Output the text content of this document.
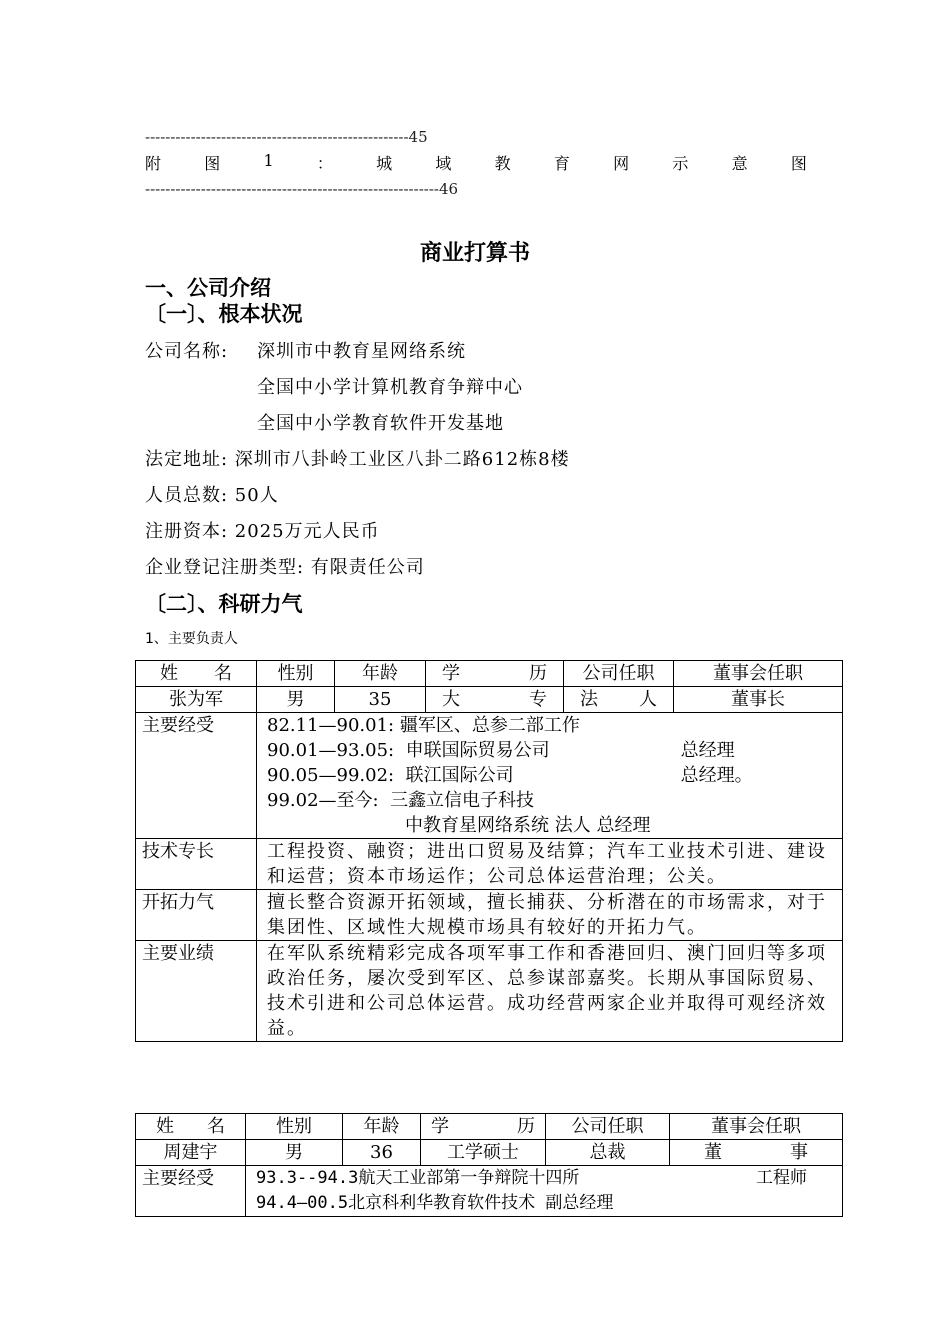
----------------------------------------------------45
附	图	1	：	城	域	教	育	网	示	意	图
----------------------------------------------------------46
商业打算书
一、公司介绍
〔一〕、根本状况
公司名称: 深圳市中教育星网络系统
全国中小学计算机教育争辩中心
全国中小学教育软件开发基地
法定地址: 深圳市八卦岭工业区八卦二路612栋8楼
人员总数: 50人
注册资本: 2025万元人民币
企业登记注册类型: 有限责任公司
〔二〕、科研力气
1、主要负责人
姓 名	性别	年龄	学 历	公司任职	董事会任职
张为军	男	35	大 专	法 人	董事长
主要经受	82.11—90.01: 疆军区、总参二部工作
90.01—93.05: 申联国际贸易公司 总经理
90.05—99.02: 联江国际公司 总经理。
99.02—至今: 三鑫立信电子科技
中教育星网络系统 法人 总经理				

技术专长	工程投资、融资；进出口贸易及结算；汽车工业技术引进、建设和运营；资本市场运作；公司总体运营治理；公关。				
开拓力气	擅长整合资源开拓领域，擅长捕获、分析潜在的市场需求，对于集团性、区域性大规模市场具有较好的开拓力气。				
主要业绩	在军队系统精彩完成各项军事工作和香港回归、澳门回归等多项政治任务，屡次受到军区、总参谋部嘉奖。长期从事国际贸易、技术引进和公司总体运营。成功经营两家企业并取得可观经济效益。				
姓 名	性别	年龄	学 历	公司任职	董事会任职
周建宇	男	36	工学硕士	总裁	董 事

主要经受	93.3--94.3航天工业部第一争辩院十四所 工程师
94.4—00.5北京科利华教育软件技术 副总经理				
